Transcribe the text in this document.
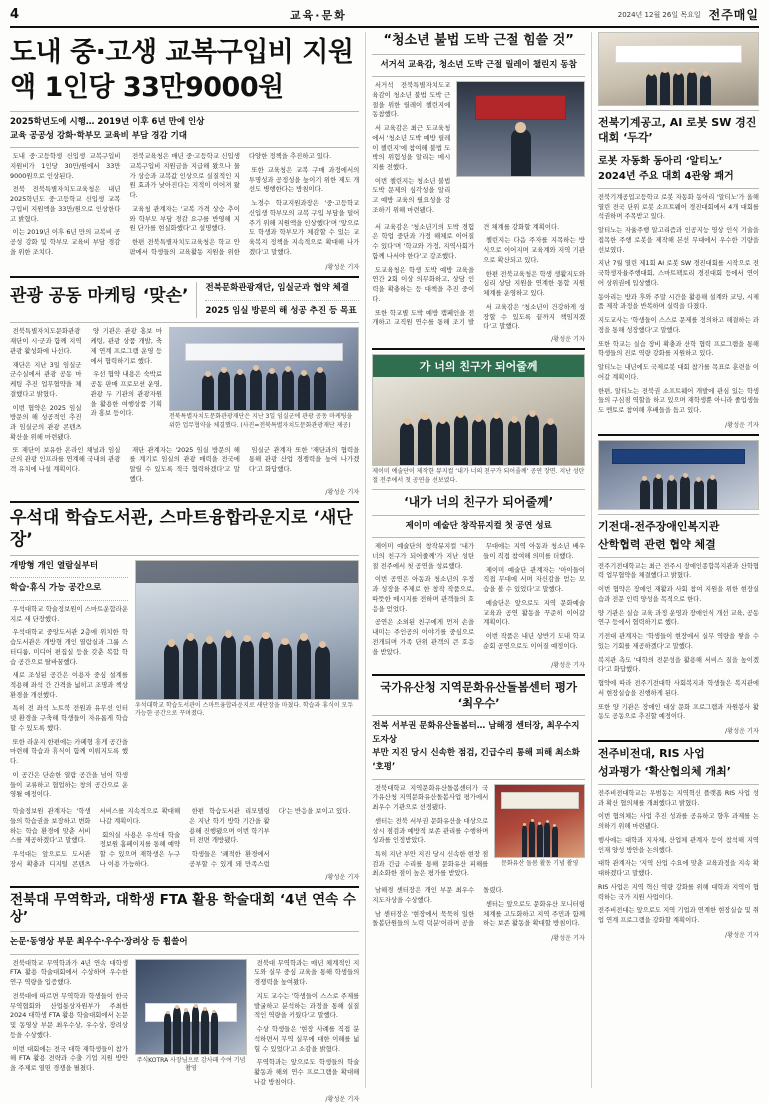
4	교육·문화	2024년 12월 26일 목요일 전주매일
도내 중·고생 교복구입비 지원액 1인당 33만9000원
2025학년도에 시행… 2019년 이후 6년 만에 인상
교육 공공성 강화·학부모 교육비 부담 경감 기대

도내 중·고등학생 신입생 교복구입비 지원비가 1인당 30만/원에서 33만9000원으로 인상된다.

전북 전북특별자치도교육청은 내년 2025학년도 중·고등학교 신입생 교복구입비 지원액을 33만/원으로 인상한다고 밝혔다.

이는 2019년 이후 6년 만의 교복비 공공성 강화 및 학부모 교육비 부담 경감을 위한 조치다.

전북교육청은 매년 중·고등학교 신입생 교복구입비 지원금을 지급해 왔으나 물가 상승과 교복값 인상으로 실질적인 지원 효과가 낮아진다는 지적이 이어져 왔다.

교육청 관계자는 '교복 가격 상승 추이와 학부모 부담 경감 요구를 반영해 지원 단가를 현실화했다'고 설명했다.

한편 전북특별자치도교육청은 학교 안팎에서 학생들의 교육활동 지원을 위한 다양한 정책을 추진하고 있다.

또한 교육청은 교복 구매 과정에서의 투명성과 공정성을 높이기 위한 제도 개선도 병행한다는 방침이다.

노경수 학교지원과장은 '중·고등학교 신입생 학부모의 교복 구입 부담을 덜어주기 위해 지원액을 인상했다'며 '앞으로도 학생과 학부모가 체감할 수 있는 교육복지 정책을 지속적으로 확대해 나가겠다'고 말했다.

/황성운 기자
관광 공동 마케팅 ‘맞손’ 전북문화관광재단, 임실군과 협약 체결
2025 임실 방문의 해 성공 추진 등 목표

전북특별자치도문화관광재단이 시·군과 함께 지역 관광 활성화에 나선다.

재단은 지난 3일 임실군 군수실에서 관광 공동 마케팅 추진 업무협약을 체결했다고 밝혔다.

이번 협약은 2025 임실 방문의 해 성공적인 추진과 임실군의 관광 콘텐츠 확산을 위해 마련됐다.

양 기관은 관광 홍보 마케팅, 관광 상품 개발, 축제 연계 프로그램 운영 등에서 협력하기로 했다.

우선 협약 내용은 숙박료 공동 판매 프로모션 운영, 관광 두 기관의 관광자원을 활용한 여행상품 기획과 홍보 등이다.	전북특별자치도문화관광재단은 지난 3일 임실군에 관광 공동 마케팅을 위한 업무협약을 체결했다. (사진=전북특별자치도문화관광재단 제공)

또 재단이 보유한 온라인 채널과 임실군의 관광 인프라를 연계해 국내외 관광객 유치에 나설 계획이다.

재단 관계자는 '2025 임실 방문의 해를 계기로 임실의 관광 매력을 전국에 알릴 수 있도록 적극 협력하겠다'고 말했다.

임실군 관계자 또한 '재단과의 협력을 통해 관광 산업 경쟁력을 높여 나가겠다'고 화답했다.

/황성운 기자
우석대 학습도서관, 스마트융합라운지로 ‘새단장’
개방형 개인 열람실부터
학습·휴식 가능 공간으로

우석대학교 학술정보원이 스마트운합라운지로 새 단장했다.

우석대학교 중앙도서관 2층에 위치한 학습도서관은 개방형 개인 열람실과 그룹 스터디룸, 미디어 편집실 등을 갖춘 복합 학습 공간으로 탈바꿈했다.

새로 조성된 공간은 이용자 중심 설계를 적용해 좌석 간 간격을 넓히고 조명과 책상 환경을 개선했다.

특히 전 좌석 노트북 전원과 유무선 인터넷 환경을 구축해 학생들이 자유롭게 학습할 수 있도록 했다.

또한 라운지 한편에는 카페형 휴게 공간을 마련해 학습과 휴식이 함께 이뤄지도록 했다.

이 공간은 단순한 열람 공간을 넘어 학생들이 교류하고 협업하는 창의 공간으로 운영될 예정이다.

우석대학교 학습도서관이 스마트융합라운지로 새단장을 마쳤다. 학습과 휴식이 모두 가능한 공간으로 꾸며졌다.

학술정보원 관계자는 '학생들의 학습권을 보장하고 변화하는 학습 환경에 맞춘 서비스를 제공하겠다'고 말했다.

우석대는 앞으로도 도서관 장서 확충과 디지털 콘텐츠 서비스를 지속적으로 확대해 나갈 계획이다.

회의실 사용은 우석대 학술정보원 홈페이지를 통해 예약할 수 있으며 재학생은 누구나 이용 가능하다.

한편 학습도서관 리모델링은 지난 학기 방학 기간을 활용해 진행됐으며 이번 학기부터 전면 개방됐다.

학생들은 '쾌적한 환경에서 공부할 수 있게 돼 만족스럽다'는 반응을 보이고 있다.

/황성운 기자
전북대 무역학과, 대학생 FTA 활용 학술대회 ‘4년 연속 수상’
논문·동영상 부문 최우수·우수·장려상 등 휩쓸어

전북대학교 무역학과가 4년 연속 대학생 FTA 활용 학술대회에서 수상하며 우수한 연구 역량을 입증했다.

전북대에 따르면 무역학과 학생들이 한국무역협회와 산업통상자원부가 주최한 2024 대학생 FTA 활용 학술대회에서 논문 및 동영상 부문 최우수상, 우수상, 장려상 등을 수상했다.

이번 대회에는 전국 대학 재학생들이 참가해 FTA 활용 전략과 수출 기업 지원 방안을 주제로 열띤 경쟁을 펼쳤다.

주식KOTRA 사장님으로 감사패 수여 기념 촬영

전북대 무역학과는 매년 체계적인 지도와 실무 중심 교육을 통해 학생들의 경쟁력을 높여왔다.

지도 교수는 '학생들이 스스로 주제를 발굴하고 분석하는 과정을 통해 실질적인 역량을 키웠다'고 말했다.

수상 학생들은 '현장 사례를 직접 분석하면서 무역 실무에 대한 이해를 넓힐 수 있었다'고 소감을 밝혔다.

무역학과는 앞으로도 학생들의 학술 활동과 해외 연수 프로그램을 확대해 나갈 방침이다.

/황성운 기자
“청소년 불법 도박 근절 힘쓸 것”
서거석 교육감, 청소년 도박 근절 릴레이 챌린지 동참

서거석 전북특별자치도교육감이 청소년 불법 도박 근절을 위한 릴레이 챌린지에 동참했다.

서 교육감은 최근 도교육청에서 '청소년 도박 예방 릴레이 챌린지'에 참여해 불법 도박의 위험성을 알리는 메시지를 전했다.

이번 챌린지는 청소년 불법 도박 문제의 심각성을 알리고 예방 교육의 필요성을 강조하기 위해 마련됐다.

서 교육감은 '청소년기의 도박 경험은 학업 중단과 가정 해체로 이어질 수 있다'며 '학교와 가정, 지역사회가 함께 나서야 한다'고 강조했다.

도교육청은 학생 도박 예방 교육을 연간 2회 이상 의무화하고, 상담 인력을 확충하는 등 대책을 추진 중이다.

또한 학교별 도박 예방 캠페인을 전개하고 교직원 연수를 통해 조기 발견 체계를 강화할 계획이다.

챌린지는 다음 주자를 지목하는 방식으로 이어지며 교육계와 지역 기관으로 확산되고 있다.

한편 전북교육청은 학생 생활지도와 심리 상담 지원을 연계한 통합 지원 체계를 운영하고 있다.

서 교육감은 '청소년이 건강하게 성장할 수 있도록 끝까지 책임지겠다'고 말했다.

/황성운 기자
가 너의 친구가 되어줄께
제이미 예술단이 제작한 뮤지컬 ‘내가 너의 친구가 되어줄께’ 공연 장면. 지난 성탄절 전주에서 첫 공연을 선보였다.
‘내가 너의 친구가 되어줄께’
제이미 예술단 창작뮤지컬 첫 공연 성료

제이미 예술단의 창작뮤지컬 '내가 너의 친구가 되어줄께'가 지난 성탄절 전주에서 첫 공연을 성료했다.

이번 공연은 아동과 청소년의 우정과 성장을 주제로 한 창작 작품으로, 따뜻한 메시지를 전하며 관객들의 호응을 얻었다.

공연은 소외된 친구에게 먼저 손을 내미는 주인공의 이야기를 중심으로 전개되며 가족 단위 관객의 큰 호응을 받았다.

무대에는 지역 아동과 청소년 배우들이 직접 참여해 의미를 더했다.

제이미 예술단 관계자는 '아이들이 직접 무대에 서며 자신감을 얻는 모습을 볼 수 있었다'고 말했다.

예술단은 앞으로도 지역 문화예술 교육과 공연 활동을 꾸준히 이어갈 계획이다.

이번 작품은 내년 상반기 도내 학교 순회 공연으로도 이어질 예정이다.

/황성운 기자
국가유산청 지역문화유산돌봄센터 평가 ‘최우수’
전북 서부권 문화유산돌봄터… 남해경 센터장, 최우수지도자상
부만 지진 당시 신속한 점검, 긴급수리 통해 피해 최소화 ‘호평’

전북대학교 지역문화유산돌봄센터가 국가유산청 지역문화유산돌봄사업 평가에서 최우수 기관으로 선정됐다.

센터는 전북 서부권 문화유산을 대상으로 상시 점검과 예방적 보존 관리를 수행하며 성과를 인정받았다.

특히 지난 부안 지진 당시 신속한 현장 점검과 긴급 수리를 통해 문화유산 피해를 최소화한 점이 높은 평가를 받았다.

문화유산 돌봄 활동 기념 촬영

남해경 센터장은 개인 부문 최우수지도자상을 수상했다.

남 센터장은 '현장에서 묵묵히 일한 돌봄단원들의 노력 덕분'이라며 공을 돌렸다.

센터는 앞으로도 문화유산 모니터링 체계를 고도화하고 지역 주민과 함께하는 보존 활동을 확대할 방침이다.

/황성운 기자
전북기계공고, AI 로봇 SW 경진대회 ‘두각’
로봇 자동화 동아리 ‘알티노’
2024년 주요 대회 4관왕 쾌거

전북기계공업고등학교 로봇 자동화 동아리 '알티노'가 올해 열린 전국 단위 로봇 소프트웨어 경진대회에서 4개 대회를 석권하며 주목받고 있다.

알티노는 자율주행 알고리즘과 인공지능 영상 인식 기술을 접목한 주행 로봇을 제작해 본선 무대에서 우수한 기량을 선보였다.

지난 7월 열린 제1회 AI 로봇 SW 경진대회를 시작으로 전국학생자율주행대회, 스마트팩토리 경진대회 등에서 연이어 상위권에 입상했다.

동아리는 방과 후와 주말 시간을 활용해 설계와 코딩, 시제품 제작 과정을 반복하며 실력을 다졌다.

지도교사는 '학생들이 스스로 문제를 정의하고 해결하는 과정을 통해 성장했다'고 말했다.

또한 학교는 실습 장비 확충과 산학 협력 프로그램을 통해 학생들의 진로 역량 강화를 지원하고 있다.

알티노는 내년에도 국제로봇 대회 참가를 목표로 훈련을 이어갈 계획이다.

한편, 알티노는 전북권 소프트웨어 개발에 관심 있는 학생들의 구심점 역할을 하고 있으며 재학생뿐 아니라 졸업생들도 멘토로 참여해 후배들을 돕고 있다.

/황성운 기자
기전대-전주장애인복지관
산학협력 관련 협약 체결

전주기전대학교는 최근 전주시 장애인종합복지관과 산학협력 업무협약을 체결했다고 밝혔다.

이번 협약은 장애인 재활과 사회 참여 지원을 위한 현장실습과 전문 인력 양성을 목적으로 한다.

양 기관은 실습 교육 과정 운영과 장애인식 개선 교육, 공동 연구 등에서 협력하기로 했다.

기전대 관계자는 '학생들이 현장에서 실무 역량을 쌓을 수 있는 기회를 제공하겠다'고 말했다.

복지관 측도 '대학의 전문성을 활용해 서비스 질을 높이겠다'고 화답했다.

협약에 따라 전주기전대학 사회복지과 학생들은 복지관에서 현장실습을 진행하게 된다.

또한 양 기관은 장애인 대상 문화 프로그램과 자원봉사 활동도 공동으로 추진할 예정이다.

/황성운 기자
전주비전대, RIS 사업
성과평가 ‘확산협의체 개최’

전주비전대학교는 우범동는 지역혁신 플랫폼 RIS 사업 성과 확산 협의체를 개최했다고 밝혔다.

이번 협의체는 사업 추진 성과를 공유하고 향후 과제를 논의하기 위해 마련됐다.

행사에는 대학과 지자체, 산업체 관계자 등이 참석해 지역 인재 양성 방안을 논의했다.

대학 관계자는 '지역 산업 수요에 맞춘 교육과정을 지속 확대하겠다'고 말했다.

RIS 사업은 지역 혁신 역량 강화를 위해 대학과 지역이 협력하는 국가 지원 사업이다.

전주비전대는 앞으로도 지역 기업과 연계한 현장실습 및 취업 연계 프로그램을 강화할 계획이다.

/황성운 기자
